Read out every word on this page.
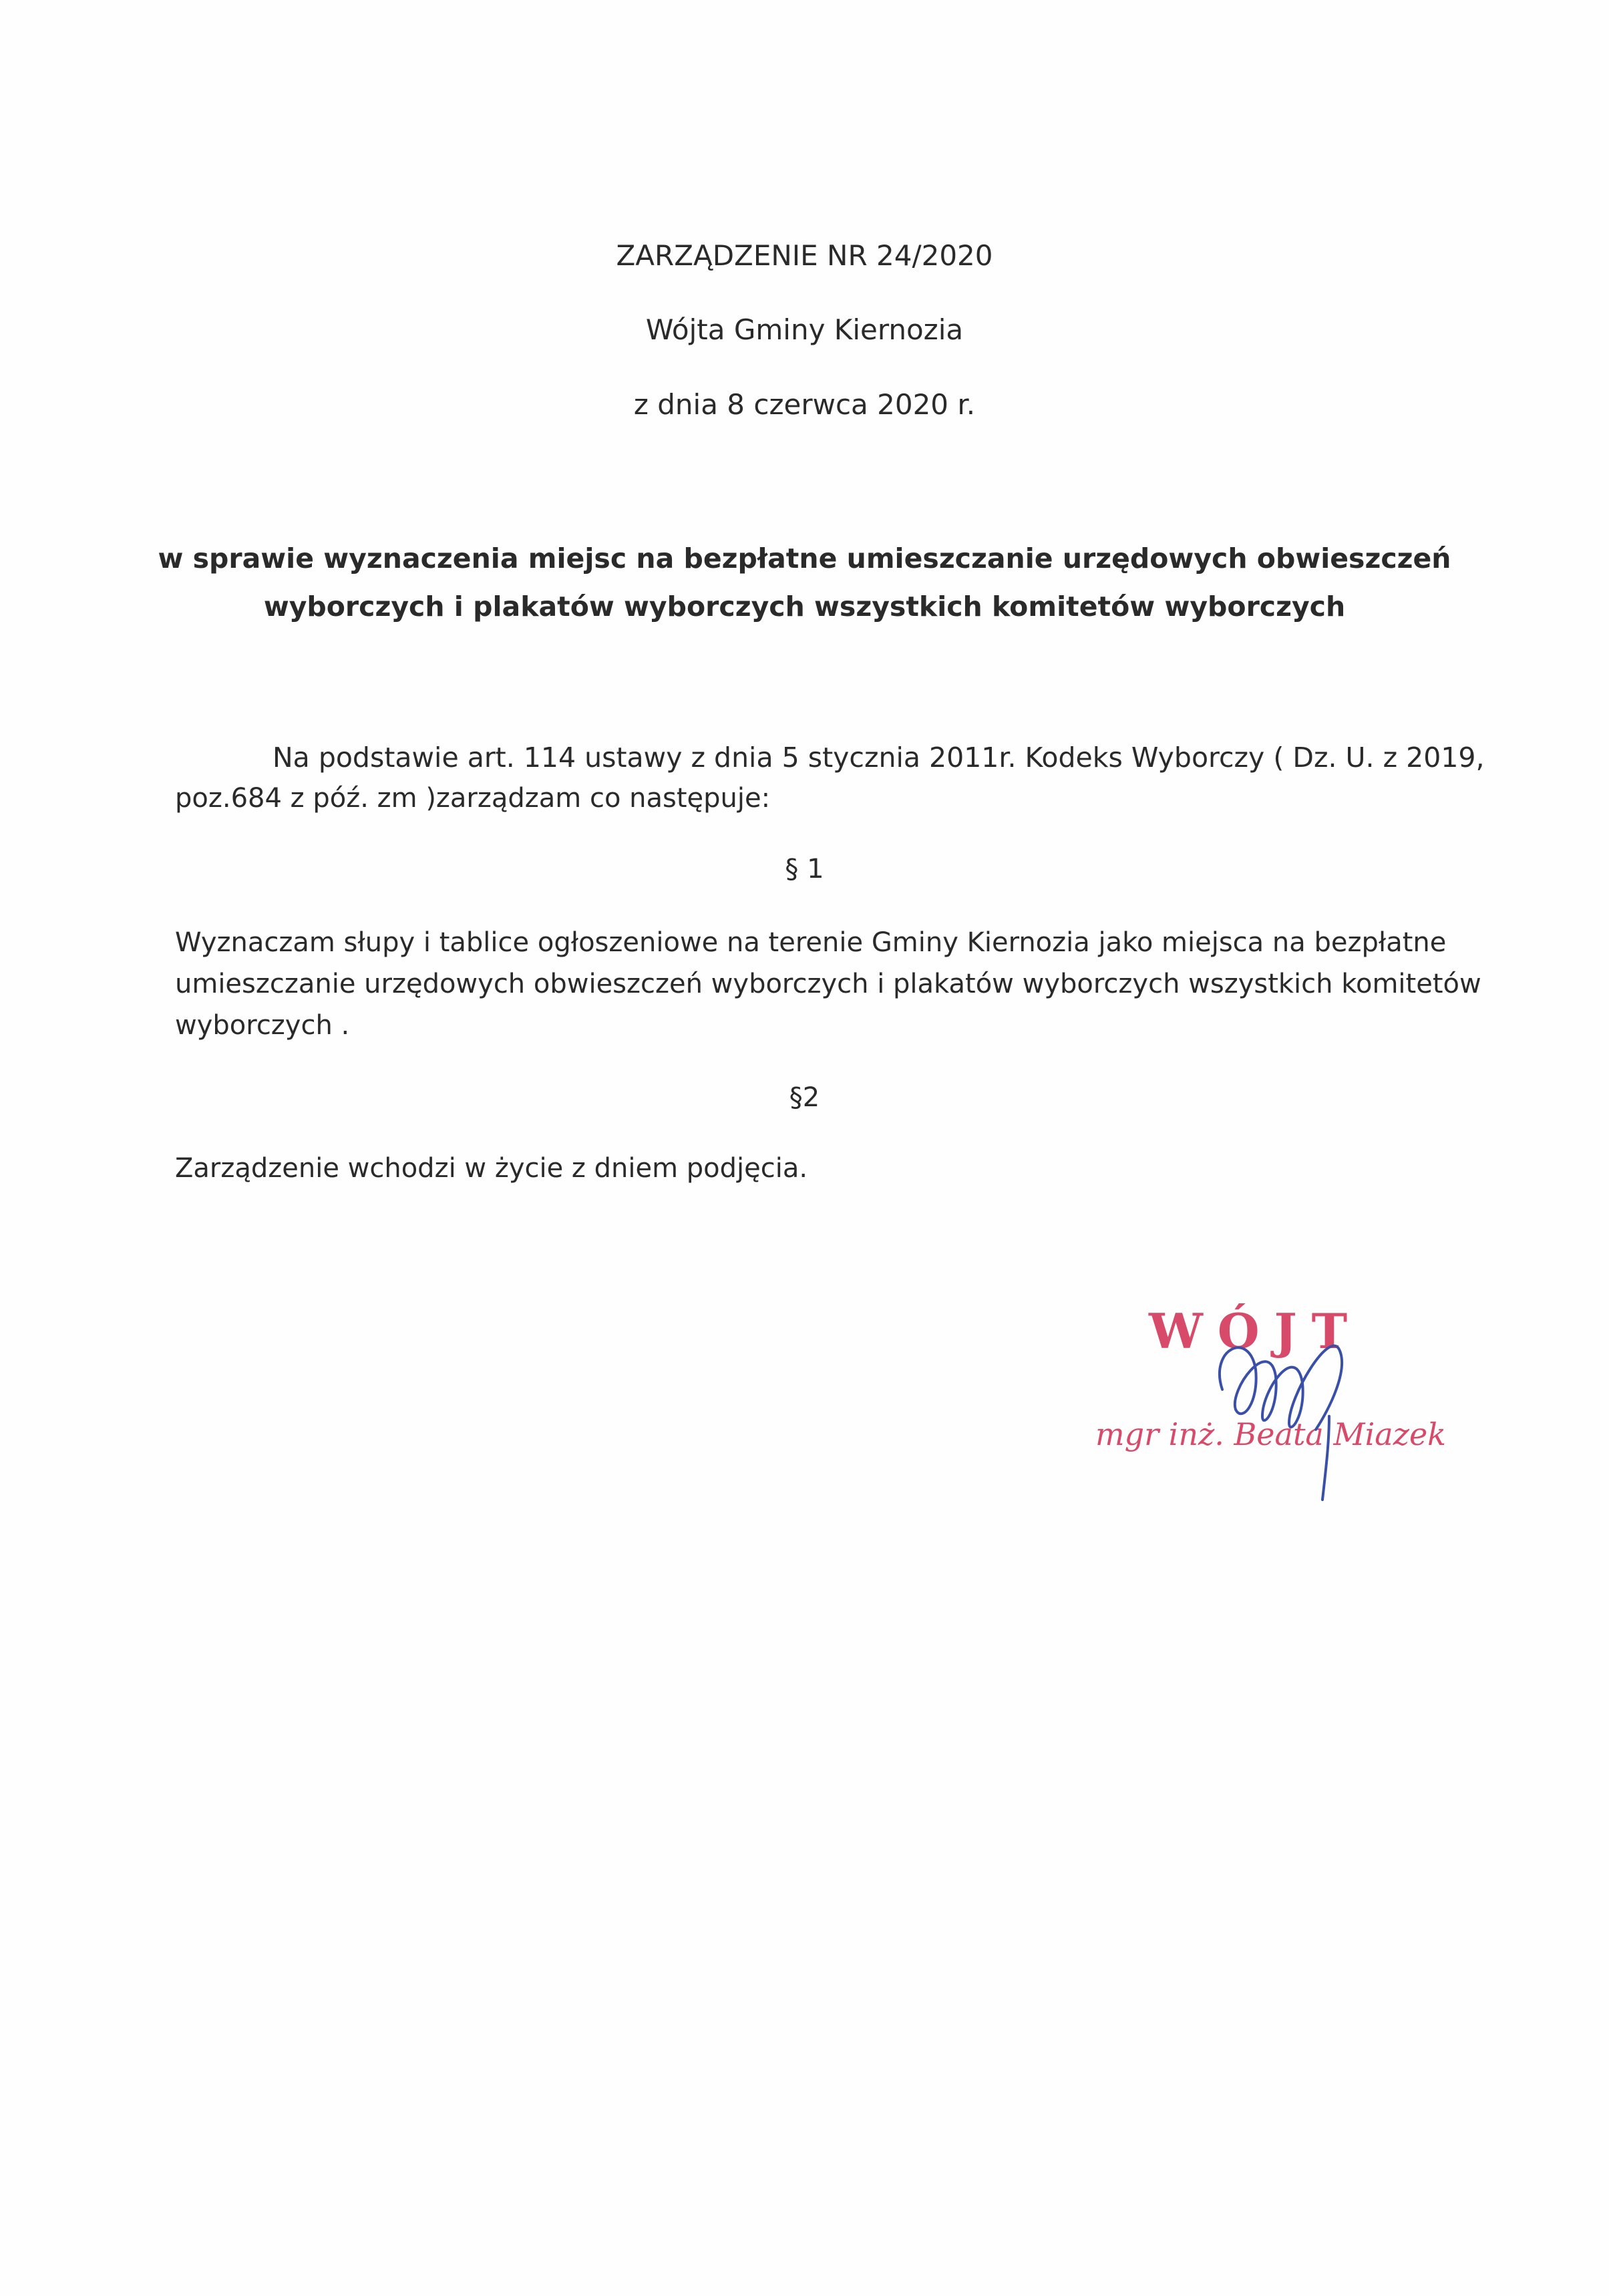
ZARZĄDZENIE NR 24/2020
Wójta Gminy Kiernozia
z dnia 8 czerwca 2020 r.
w sprawie wyznaczenia miejsc na bezpłatne umieszczanie urzędowych obwieszczeń
wyborczych i plakatów wyborczych wszystkich komitetów wyborczych
Na podstawie art. 114 ustawy z dnia 5 stycznia 2011r. Kodeks Wyborczy ( Dz. U. z 2019,
poz.684 z póź. zm )zarządzam co następuje:
§ 1
Wyznaczam słupy i tablice ogłoszeniowe na terenie Gminy Kiernozia jako miejsca na bezpłatne
umieszczanie urzędowych obwieszczeń wyborczych i plakatów wyborczych wszystkich komitetów
wyborczych .
§2
Zarządzenie wchodzi w życie z dniem podjęcia.
WÓJT
mgr inż. Beata Miazek
